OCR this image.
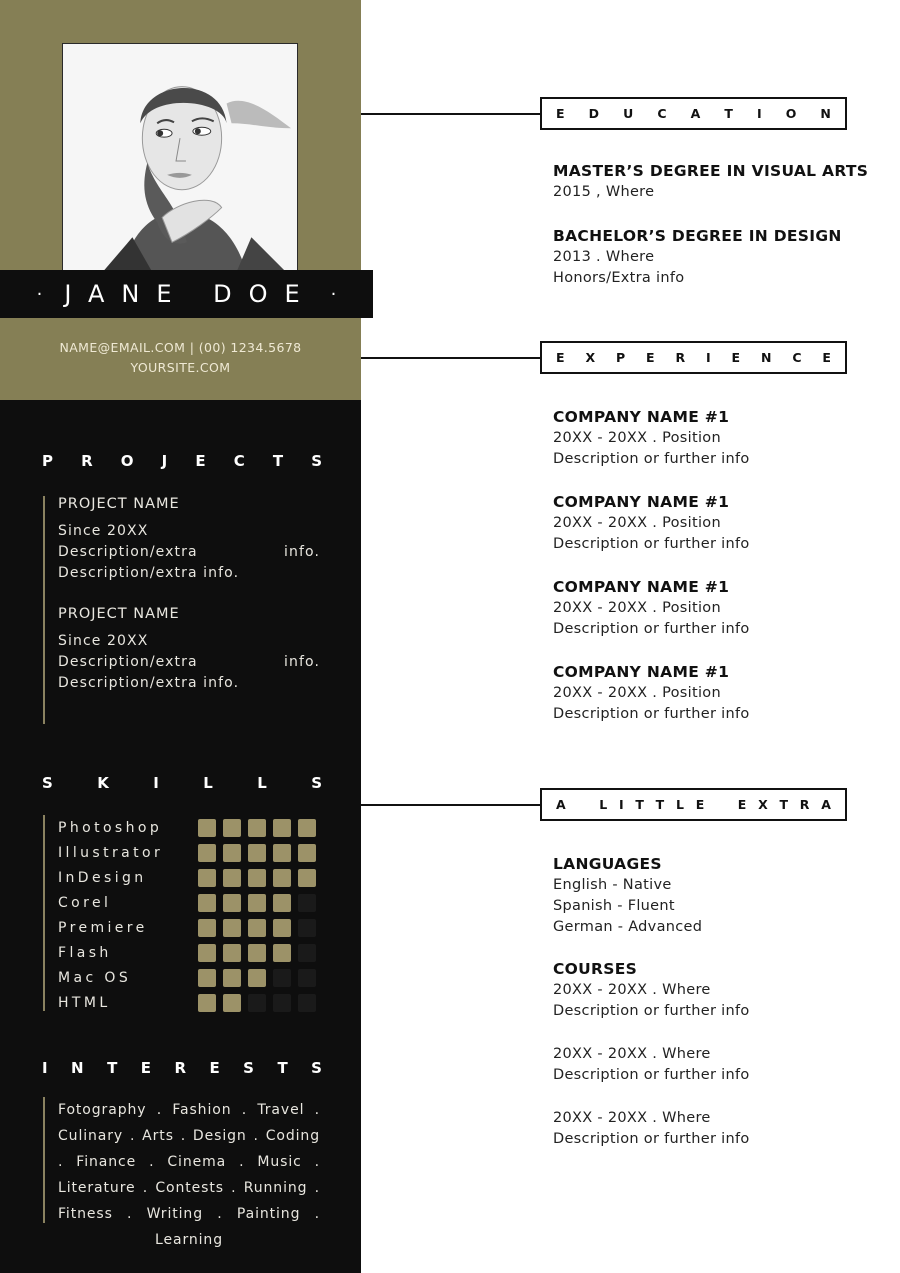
· JANE DOE ·
NAME@EMAIL.COM | (00) 1234.5678
YOURSITE.COM
P R O J E C T S
PROJECT NAME
Since 20XX
Description/extra info. Description/extra info.
PROJECT NAME
Since 20XX
Description/extra info. Description/extra info.
S	K	I	L	L	S
Photoshop
Illustrator
InDesign
Corel
Premiere
Flash
Mac OS
HTML
I N T E R E S T S
Fotography . Fashion . Travel . Culinary . Arts . Design . Coding . Finance . Cinema . Music . Literature . Contests . Running . Fitness . Writing . Painting . Learning
E D U C A T I O N
MASTER’S DEGREE IN VISUAL ARTS
2015 , Where
BACHELOR’S DEGREE IN DESIGN
2013 . Where
Honors/Extra info
E X P E R I E N C E
COMPANY NAME #1
20XX - 20XX . Position
Description or further info
COMPANY NAME #1
20XX - 20XX . Position
Description or further info
COMPANY NAME #1
20XX - 20XX . Position
Description or further info
COMPANY NAME #1
20XX - 20XX . Position
Description or further info
A	L I T T L E	E X T R A
LANGUAGES
English - Native
Spanish - Fluent
German - Advanced
COURSES
20XX - 20XX . Where
Description or further info
20XX - 20XX . Where
Description or further info
20XX - 20XX . Where
Description or further info
